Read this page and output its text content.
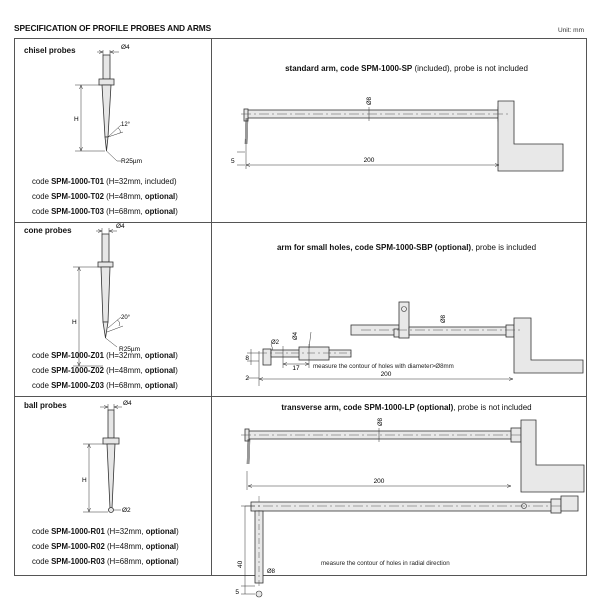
SPECIFICATION OF PROFILE PROBES AND ARMS	Unit: mm
chisel probes	Ø4
H
12°
R25µm
code SPM-1000-T01 (H=32mm, included)
code SPM-1000-T02 (H=48mm, optional)
code SPM-1000-T03 (H=68mm, optional)
standard arm, code SPM-1000-SP (included), probe is not included
Ø8
200
5
cone probes	Ø4
H
20°
R25µm
code SPM-1000-Z01 (H=32mm, optional)
code SPM-1000-Z02 (H=48mm, optional)
code SPM-1000-Z03 (H=68mm, optional)
arm for small holes, code SPM-1000-SBP (optional), probe is included
Ø2
Ø4
Ø8
8
17
200
2
measure the contour of holes with diameter>Ø8mm
ball probes	Ø4
H
Ø2
code SPM-1000-R01 (H=32mm, optional)
code SPM-1000-R02 (H=48mm, optional)
code SPM-1000-R03 (H=68mm, optional)
transverse arm, code SPM-1000-LP (optional), probe is not included
Ø8
200
40
Ø8
5
measure the contour of holes in radial direction
